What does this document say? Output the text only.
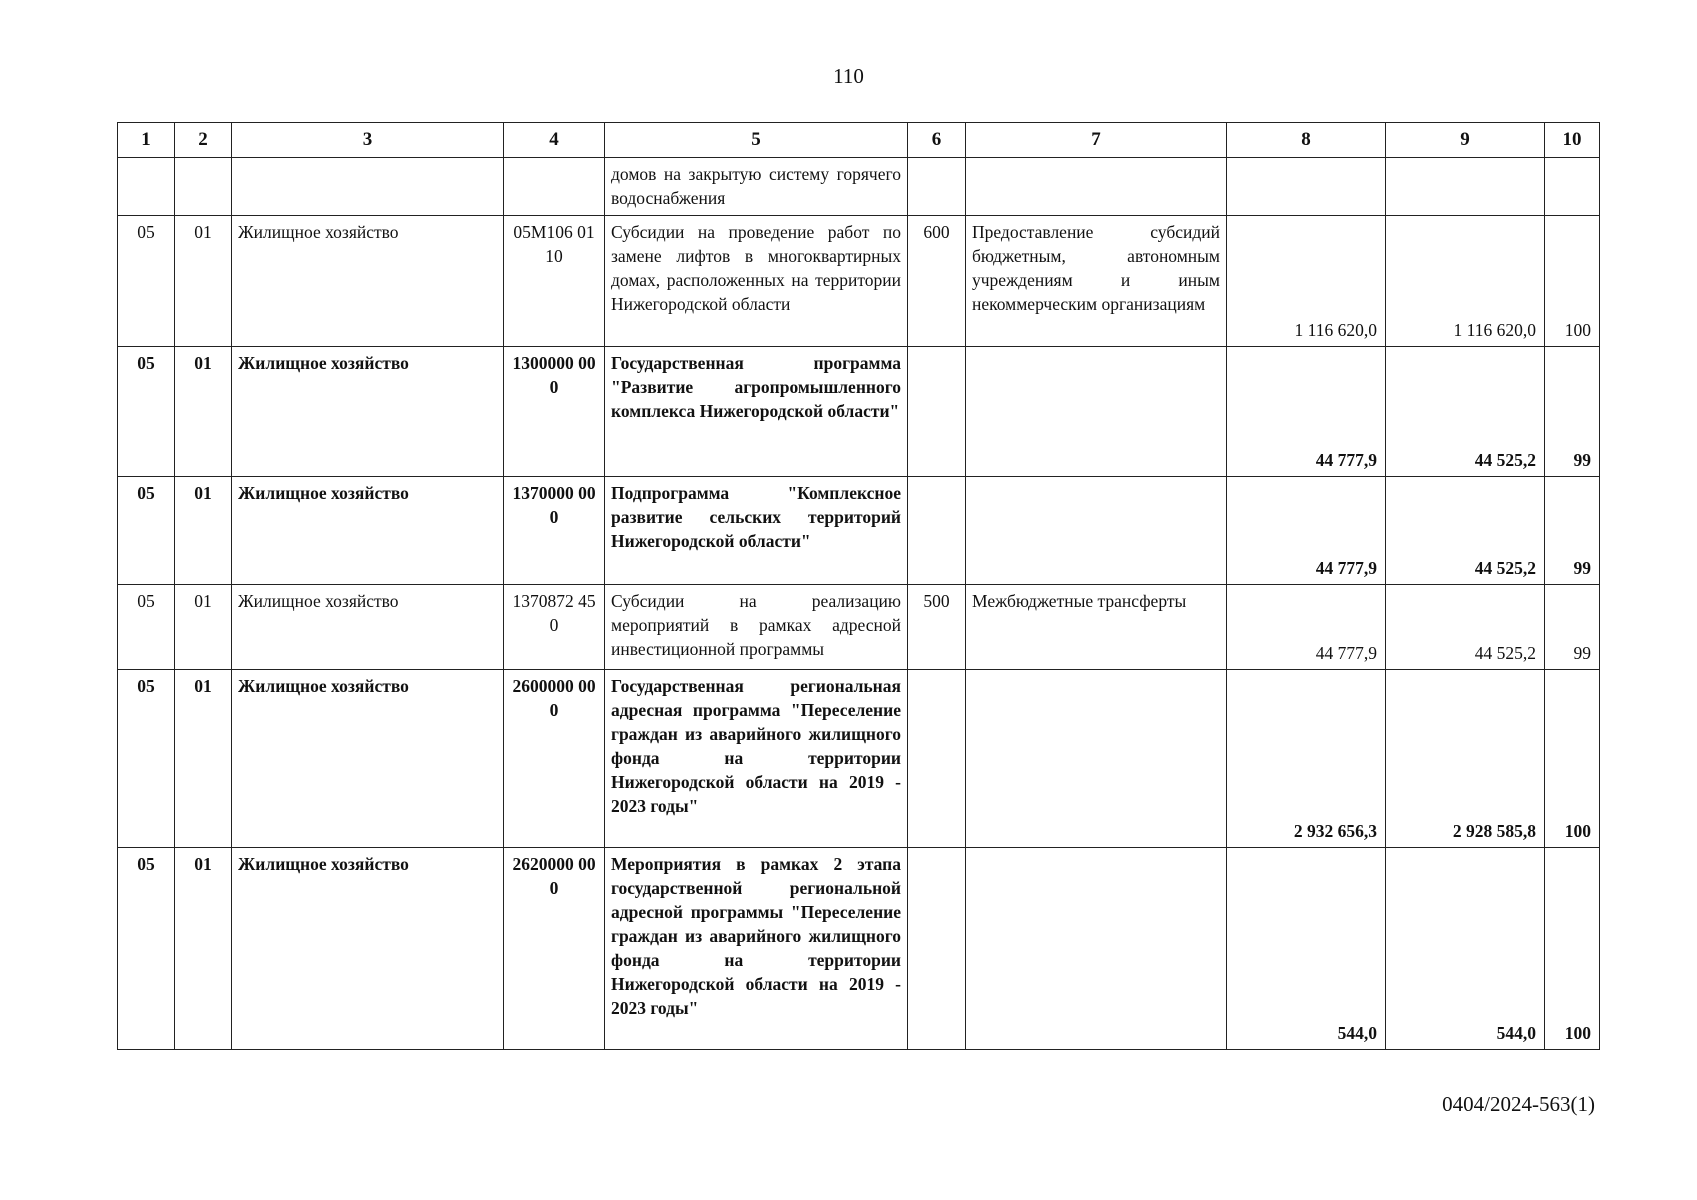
110
1	2	3	4	5	6	7	8	9	10
				домов на закрытую систему горячего водоснабжения					
05	01	Жилищное хозяйство	05М106 0110	Субсидии на проведение работ по замене лифтов в многоквартирных домах, расположенных на территории Нижегородской области	600	Предоставление субсидий бюджетным, автономным учреждениям и иным некоммерческим организациям	1 116 620,0	1 116 620,0	100
05	01	Жилищное хозяйство	1300000 000	Государственная программа "Развитие агропромышленного комплекса Нижегородской области"			44 777,9	44 525,2	99
05	01	Жилищное хозяйство	1370000 000	Подпрограмма "Комплексное развитие сельских территорий Нижегородской области"			44 777,9	44 525,2	99
05	01	Жилищное хозяйство	1370872 450	Субсидии на реализацию мероприятий в рамках адресной инвестиционной программы	500	Межбюджетные трансферты	44 777,9	44 525,2	99
05	01	Жилищное хозяйство	2600000 000	Государственная региональная адресная программа "Переселение граждан из аварийного жилищного фонда на территории Нижегородской области на 2019 - 2023 годы"			2 932 656,3	2 928 585,8	100
05	01	Жилищное хозяйство	2620000 000	Мероприятия в рамках 2 этапа государственной региональной адресной программы "Переселение граждан из аварийного жилищного фонда на территории Нижегородской области на 2019 - 2023 годы"			544,0	544,0	100
0404/2024-563(1)
